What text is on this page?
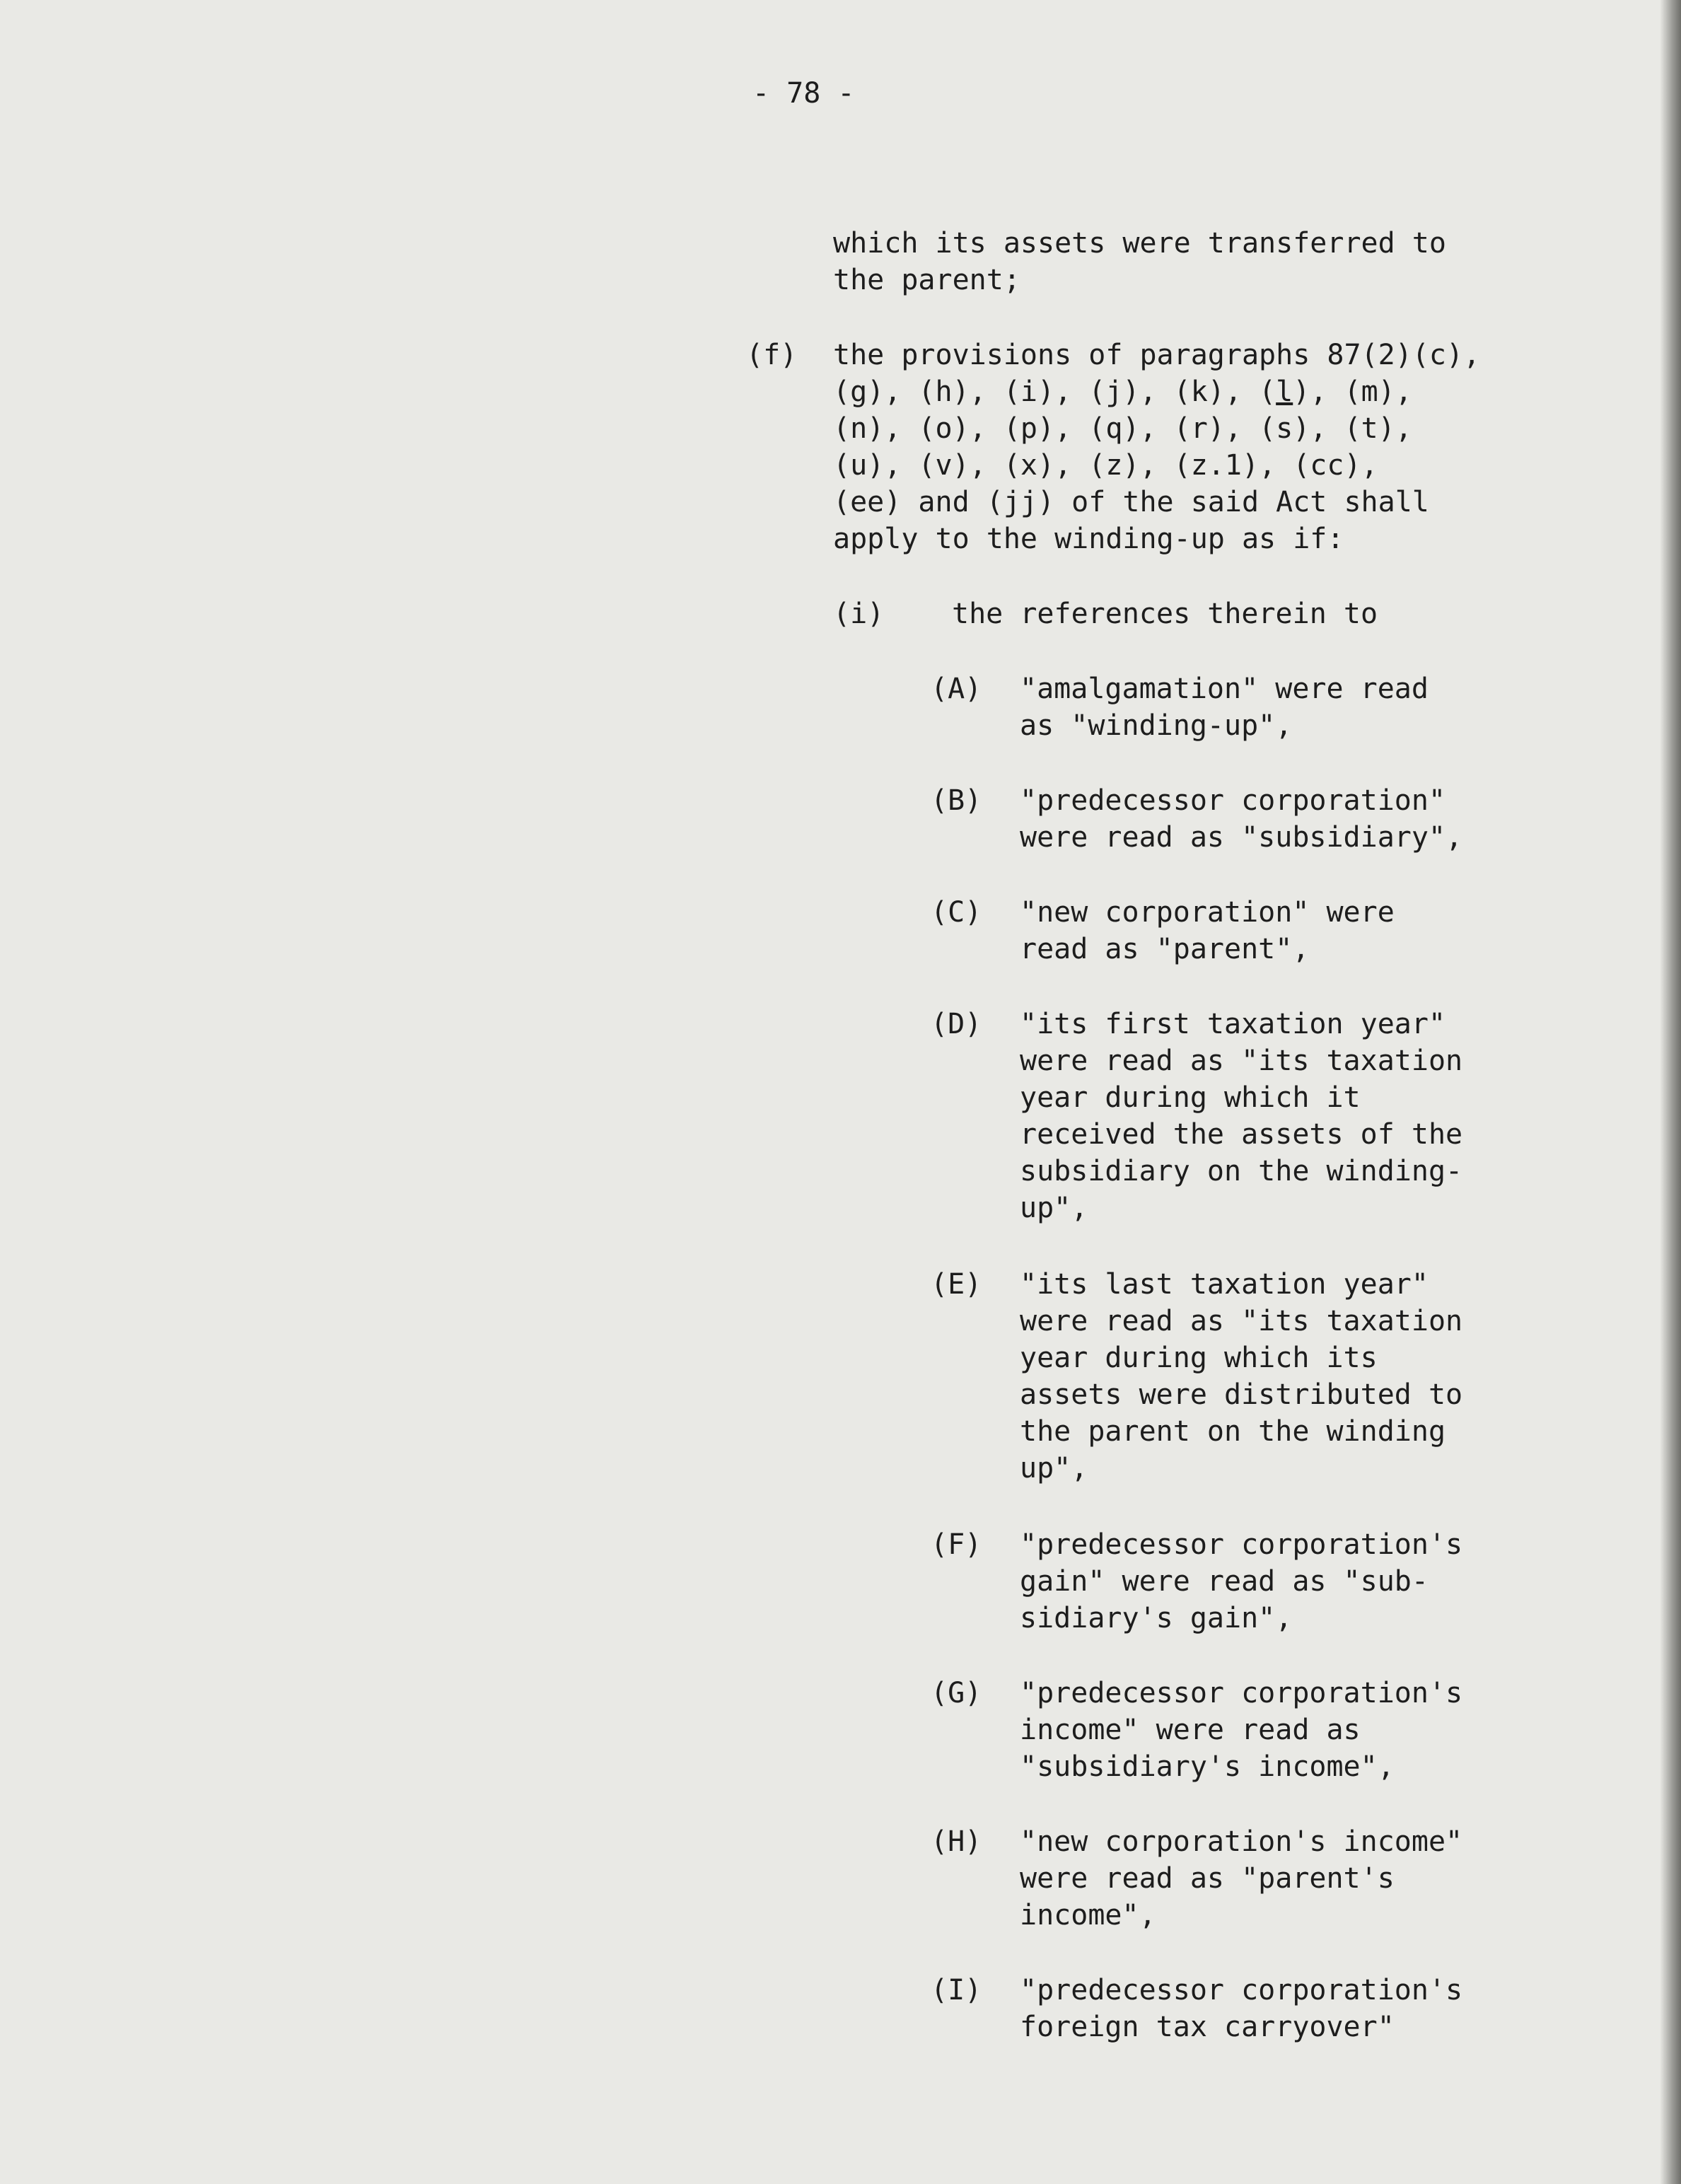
- 78 -
which its assets were transferred to
the parent;
(f) the provisions of paragraphs 87(2)(c),
(g), (h), (i), (j), (k), (l), (m),
(n), (o), (p), (q), (r), (s), (t),
(u), (v), (x), (z), (z.1), (cc),
(ee) and (jj) of the said Act shall
apply to the winding-up as if:
(i) the references therein to
(A) "amalgamation" were read
as "winding-up",
(B) "predecessor corporation"
were read as "subsidiary",
(C) "new corporation" were
read as "parent",
(D) "its first taxation year"
were read as "its taxation
year during which it
received the assets of the
subsidiary on the winding-
up",
(E) "its last taxation year"
were read as "its taxation
year during which its
assets were distributed to
the parent on the winding
up",
(F) "predecessor corporation's
gain" were read as "sub-
sidiary's gain",
(G) "predecessor corporation's
income" were read as
"subsidiary's income",
(H) "new corporation's income"
were read as "parent's
income",
(I) "predecessor corporation's
foreign tax carryover"
